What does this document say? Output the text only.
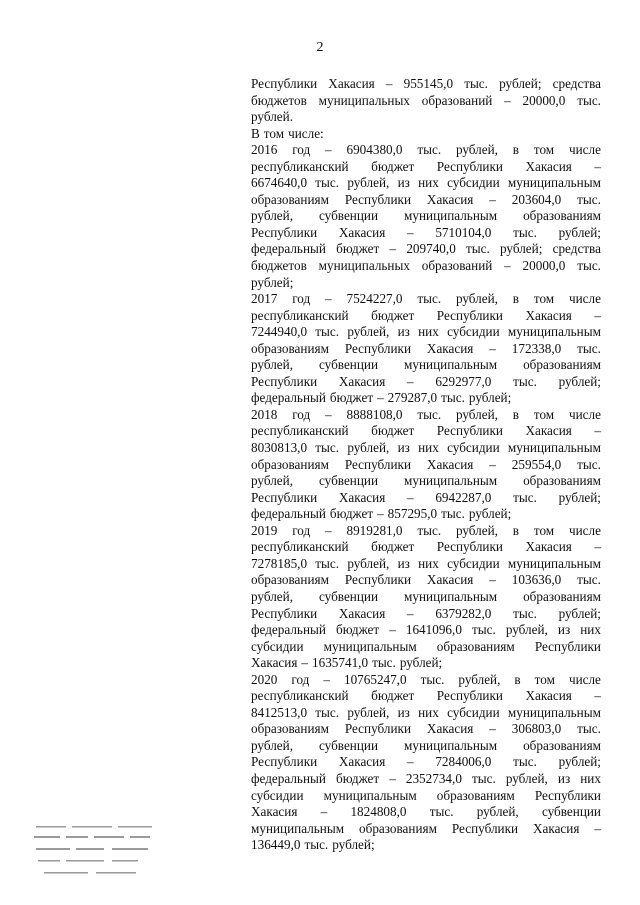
2
Республики Хакасия – 955145,0 тыс. рублей; средства
бюджетов муниципальных образований – 20000,0 тыс.
рублей.
В том числе:
2016 год – 6904380,0 тыс. рублей, в том числе
республиканский бюджет Республики Хакасия –
6674640,0 тыс. рублей, из них субсидии муниципальным
образованиям Республики Хакасия – 203604,0 тыс.
рублей, субвенции муниципальным образованиям
Республики Хакасия – 5710104,0 тыс. рублей;
федеральный бюджет – 209740,0 тыс. рублей; средства
бюджетов муниципальных образований – 20000,0 тыс.
рублей;
2017 год – 7524227,0 тыс. рублей, в том числе
республиканский бюджет Республики Хакасия –
7244940,0 тыс. рублей, из них субсидии муниципальным
образованиям Республики Хакасия – 172338,0 тыс.
рублей, субвенции муниципальным образованиям
Республики Хакасия – 6292977,0 тыс. рублей;
федеральный бюджет – 279287,0 тыс. рублей;
2018 год – 8888108,0 тыс. рублей, в том числе
республиканский бюджет Республики Хакасия –
8030813,0 тыс. рублей, из них субсидии муниципальным
образованиям Республики Хакасия – 259554,0 тыс.
рублей, субвенции муниципальным образованиям
Республики Хакасия – 6942287,0 тыс. рублей;
федеральный бюджет – 857295,0 тыс. рублей;
2019 год – 8919281,0 тыс. рублей, в том числе
республиканский бюджет Республики Хакасия –
7278185,0 тыс. рублей, из них субсидии муниципальным
образованиям Республики Хакасия – 103636,0 тыс.
рублей, субвенции муниципальным образованиям
Республики Хакасия – 6379282,0 тыс. рублей;
федеральный бюджет – 1641096,0 тыс. рублей, из них
субсидии муниципальным образованиям Республики
Хакасия – 1635741,0 тыс. рублей;
2020 год – 10765247,0 тыс. рублей, в том числе
республиканский бюджет Республики Хакасия –
8412513,0 тыс. рублей, из них субсидии муниципальным
образованиям Республики Хакасия – 306803,0 тыс.
рублей, субвенции муниципальным образованиям
Республики Хакасия – 7284006,0 тыс. рублей;
федеральный бюджет – 2352734,0 тыс. рублей, из них
субсидии муниципальным образованиям Республики
Хакасия – 1824808,0 тыс. рублей, субвенции
муниципальным образованиям Республики Хакасия –
136449,0 тыс. рублей;
